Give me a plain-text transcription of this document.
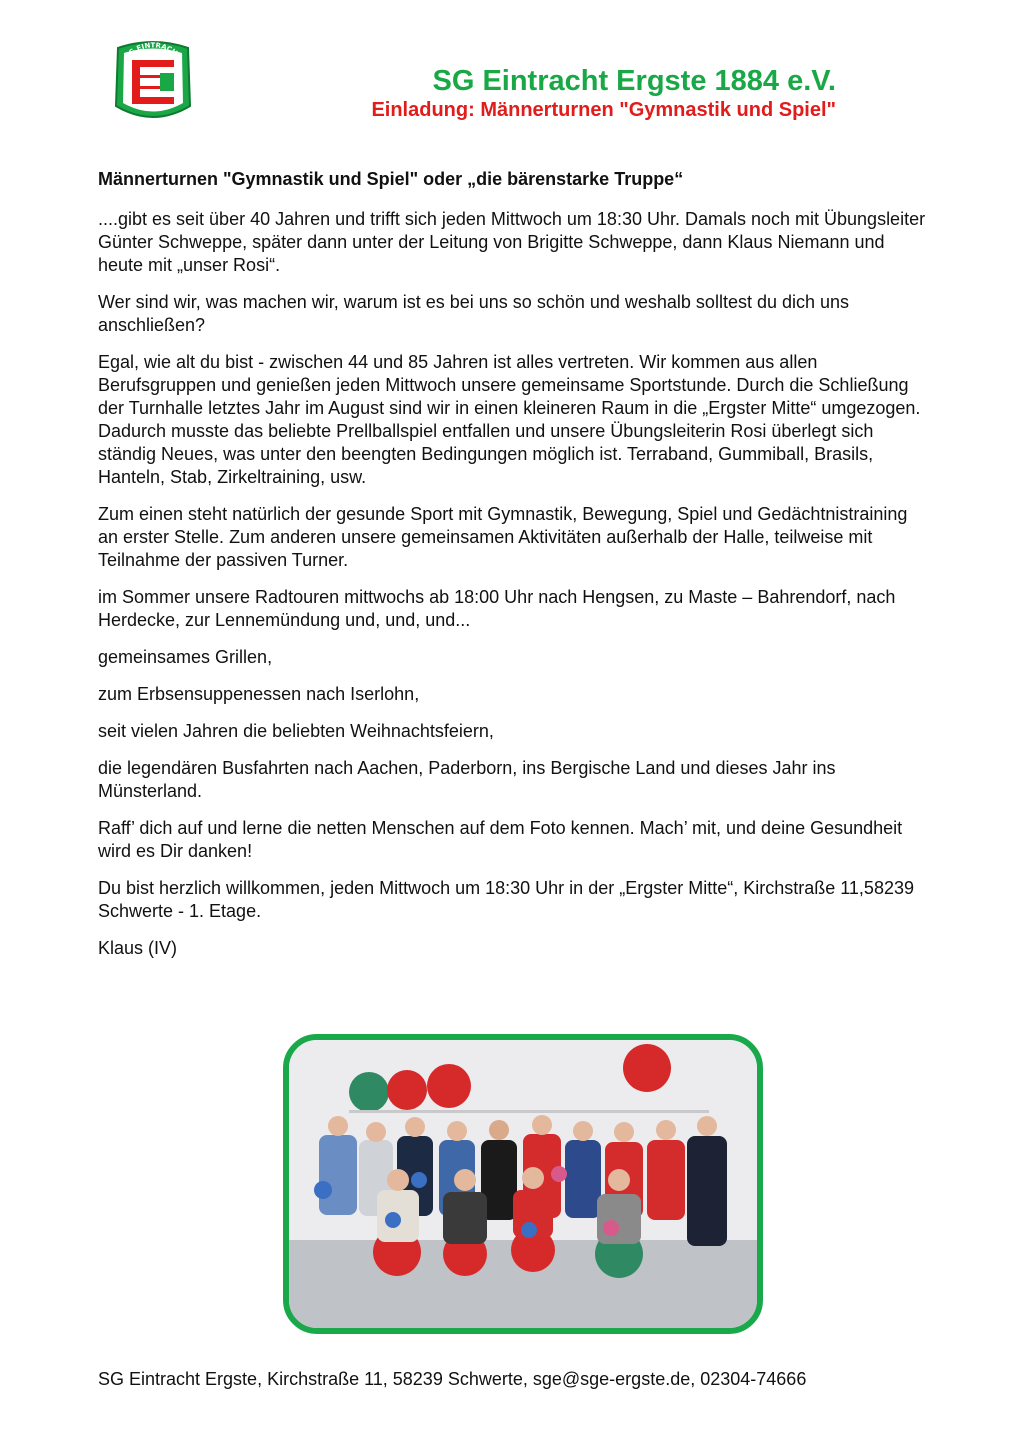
SG EINTRACHT
ERGSTE 1884 e.V.

SG Eintracht Ergste 1884 e.V.

Einladung: Männerturnen "Gymnastik und Spiel"

Männerturnen "Gymnastik und Spiel" oder „die bärenstarke Truppe“

....gibt es seit über 40 Jahren und trifft sich jeden Mittwoch um 18:30 Uhr. Damals noch mit Übungsleiter Günter Schweppe, später dann unter der Leitung von Brigitte Schweppe, dann Klaus Niemann und heute mit „unser Rosi“.

Wer sind wir, was machen wir, warum ist es bei uns so schön und weshalb solltest du dich uns anschließen?

Egal, wie alt du bist - zwischen 44 und 85 Jahren ist alles vertreten. Wir kommen aus allen Berufsgruppen und genießen jeden Mittwoch unsere gemeinsame Sportstunde. Durch die Schließung der Turnhalle letztes Jahr im August sind wir in einen kleineren Raum in die „Ergster Mitte“ umgezogen. Dadurch musste das beliebte Prellballspiel entfallen und unsere Übungsleiterin Rosi überlegt sich ständig Neues, was unter den beengten Bedingungen möglich ist. Terraband, Gummiball, Brasils, Hanteln, Stab, Zirkeltraining, usw.

Zum einen steht natürlich der gesunde Sport mit Gymnastik, Bewegung, Spiel und Gedächtnistraining an erster Stelle. Zum anderen unsere gemeinsamen Aktivitäten außerhalb der Halle, teilweise mit Teilnahme der passiven Turner.

im Sommer unsere Radtouren mittwochs ab 18:00 Uhr nach Hengsen, zu Maste – Bahrendorf, nach Herdecke, zur Lennemündung und, und, und...

gemeinsames Grillen,

zum Erbsensuppenessen nach Iserlohn,

seit vielen Jahren die beliebten Weihnachtsfeiern,

die legendären Busfahrten nach Aachen, Paderborn, ins Bergische Land und dieses Jahr ins Münsterland.

Raff’ dich auf und lerne die netten Menschen auf dem Foto kennen. Mach’ mit, und deine Gesundheit wird es Dir danken!

Du bist herzlich willkommen, jeden Mittwoch um 18:30 Uhr in der „Ergster Mitte“, Kirchstraße 11,58239 Schwerte - 1. Etage.

Klaus (IV)

SG Eintracht Ergste, Kirchstraße 11, 58239 Schwerte, sge@sge-ergste.de, 02304-74666
